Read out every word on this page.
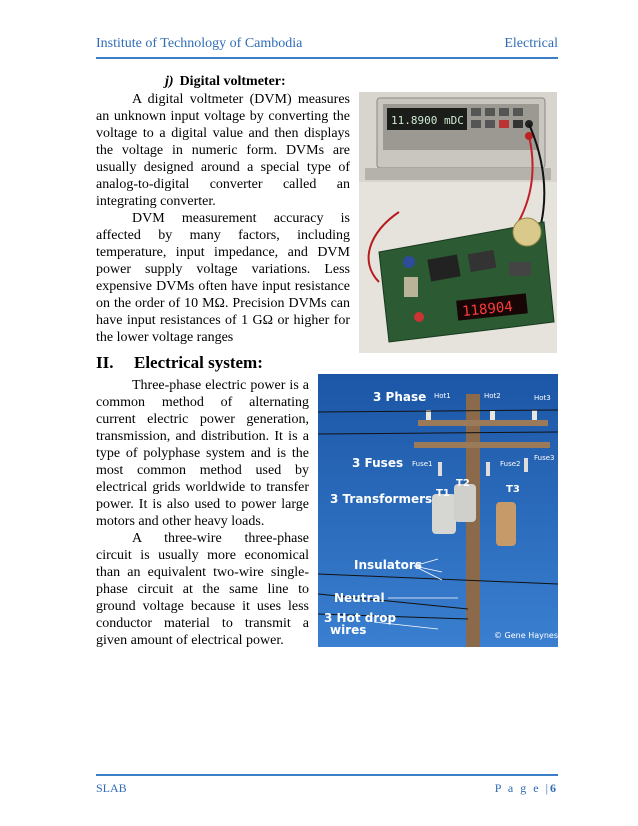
Institute of Technology of Cambodia	Electrical
j) Digital voltmeter:

A digital voltmeter (DVM) measures an unknown input voltage by converting the voltage to a digital value and then displays the voltage in numeric form. DVMs are usually designed around a special type of analog-to-digital converter called an integrating converter.

DVM measurement accuracy is affected by many factors, including temperature, input impedance, and DVM power supply voltage variations. Less expensive DVMs often have input resistance on the order of 10 MΩ. Precision DVMs can have input resistances of 1 GΩ or higher for the lower voltage ranges

11.8900 mDC
118904
II. Electrical system:

Three-phase electric power is a common method of alternating current electric power generation, transmission, and distribution. It is a type of polyphase system and is the most common method used by electrical grids worldwide to transfer power. It is also used to power large motors and other heavy loads.

A three-wire three-phase circuit is usually more economical than an equivalent two-wire single-phase circuit at the same line to ground voltage because it uses less conductor material to transmit a given amount of electrical power.

3 Phase
3 Fuses
3 Transformers
Insulators
Neutral
3 Hot drop
wires
Hot1	Hot2	Hot3
Fuse1	Fuse2
Fuse3
T1
T2
T3
© Gene Haynes
SLAB	P a g e |6
